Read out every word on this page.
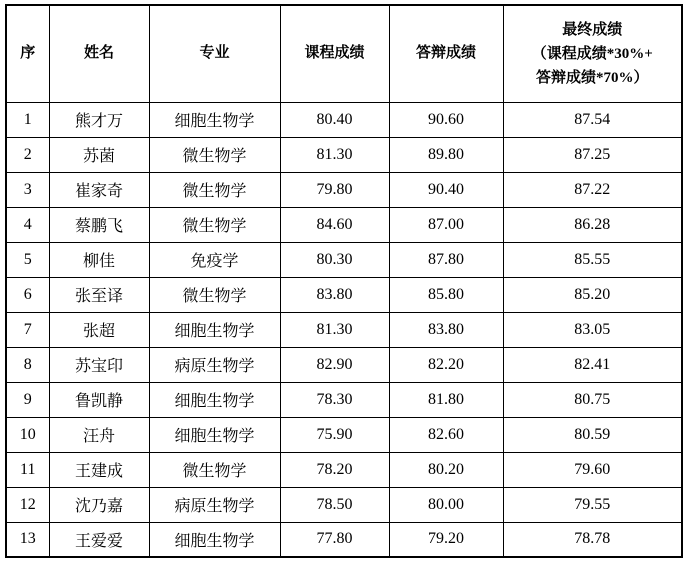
序	姓名	专业	课程成绩	答辩成绩	最终成绩
（课程成绩*30%+
答辩成绩*70%）

1	熊才万	细胞生物学	80.40	90.60	87.54
2	苏菌	微生物学	81.30	89.80	87.25
3	崔家奇	微生物学	79.80	90.40	87.22
4	蔡鹏飞	微生物学	84.60	87.00	86.28
5	柳佳	免疫学	80.30	87.80	85.55
6	张至译	微生物学	83.80	85.80	85.20
7	张超	细胞生物学	81.30	83.80	83.05
8	苏宝印	病原生物学	82.90	82.20	82.41
9	鲁凯静	细胞生物学	78.30	81.80	80.75
10	汪舟	细胞生物学	75.90	82.60	80.59
11	王建成	微生物学	78.20	80.20	79.60
12	沈乃嘉	病原生物学	78.50	80.00	79.55
13	王爱爱	细胞生物学	77.80	79.20	78.78
